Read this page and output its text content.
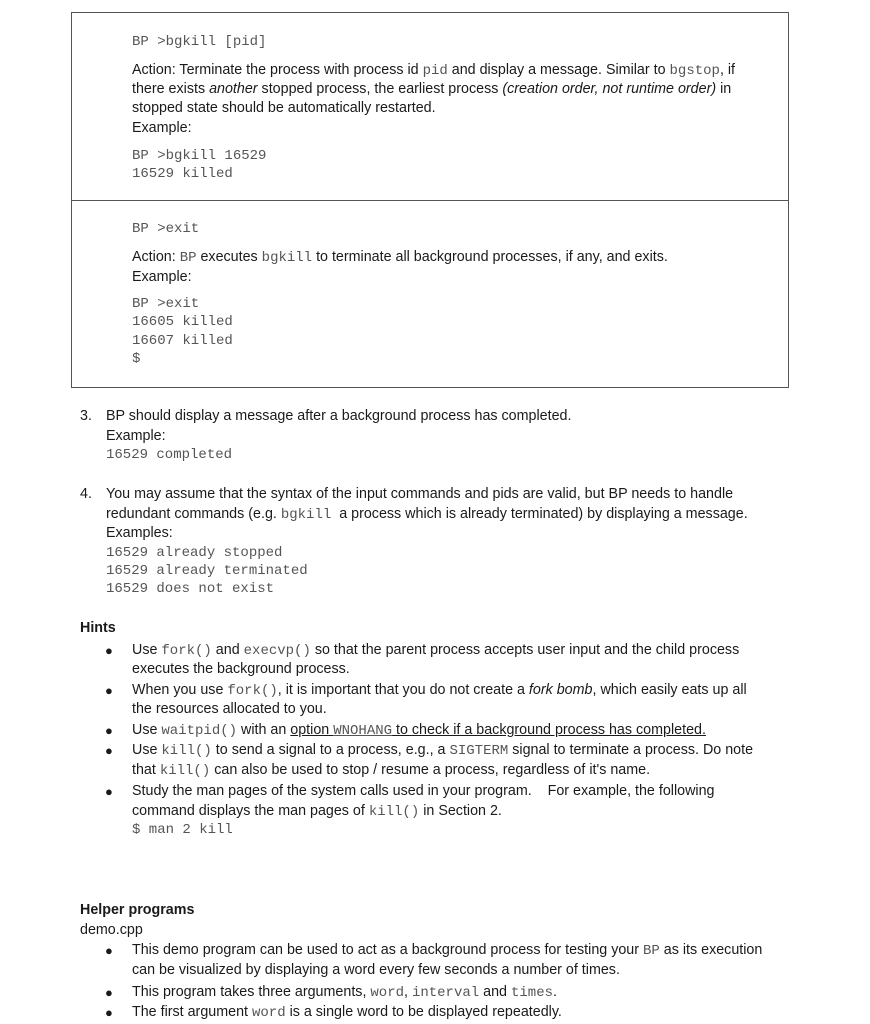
BP >bgkill [pid]
Action: Terminate the process with process id pid and display a message. Similar to bgstop, if
there exists another stopped process, the earliest process (creation order, not runtime order) in
stopped state should be automatically restarted.
Example:
BP >bgkill 16529
16529 killed
BP >exit
Action: BP executes bgkill to terminate all background processes, if any, and exits.
Example:
BP >exit
16605 killed
16607 killed
$
3. BP should display a message after a background process has completed.
Example:
16529 completed
4. You may assume that the syntax of the input commands and pids are valid, but BP needs to handle
redundant commands (e.g. bgkill  a process which is already terminated) by displaying a message.
Examples:
16529 already stopped
16529 already terminated
16529 does not exist
Hints
● Use fork() and execvp() so that the parent process accepts user input and the child process
executes the background process.
● When you use fork(), it is important that you do not create a fork bomb, which easily eats up all
the resources allocated to you.
● Use waitpid() with an option WNOHANG to check if a background process has completed.
● Use kill() to send a signal to a process, e.g., a SIGTERM signal to terminate a process. Do note
that kill() can also be used to stop / resume a process, regardless of it's name.
● Study the man pages of the system calls used in your program.    For example, the following
command displays the man pages of kill() in Section 2.
$ man 2 kill
Helper programs
demo.cpp
● This demo program can be used to act as a background process for testing your BP as its execution
can be visualized by displaying a word every few seconds a number of times.
● This program takes three arguments, word, interval and times.
● The first argument word is a single word to be displayed repeatedly.
